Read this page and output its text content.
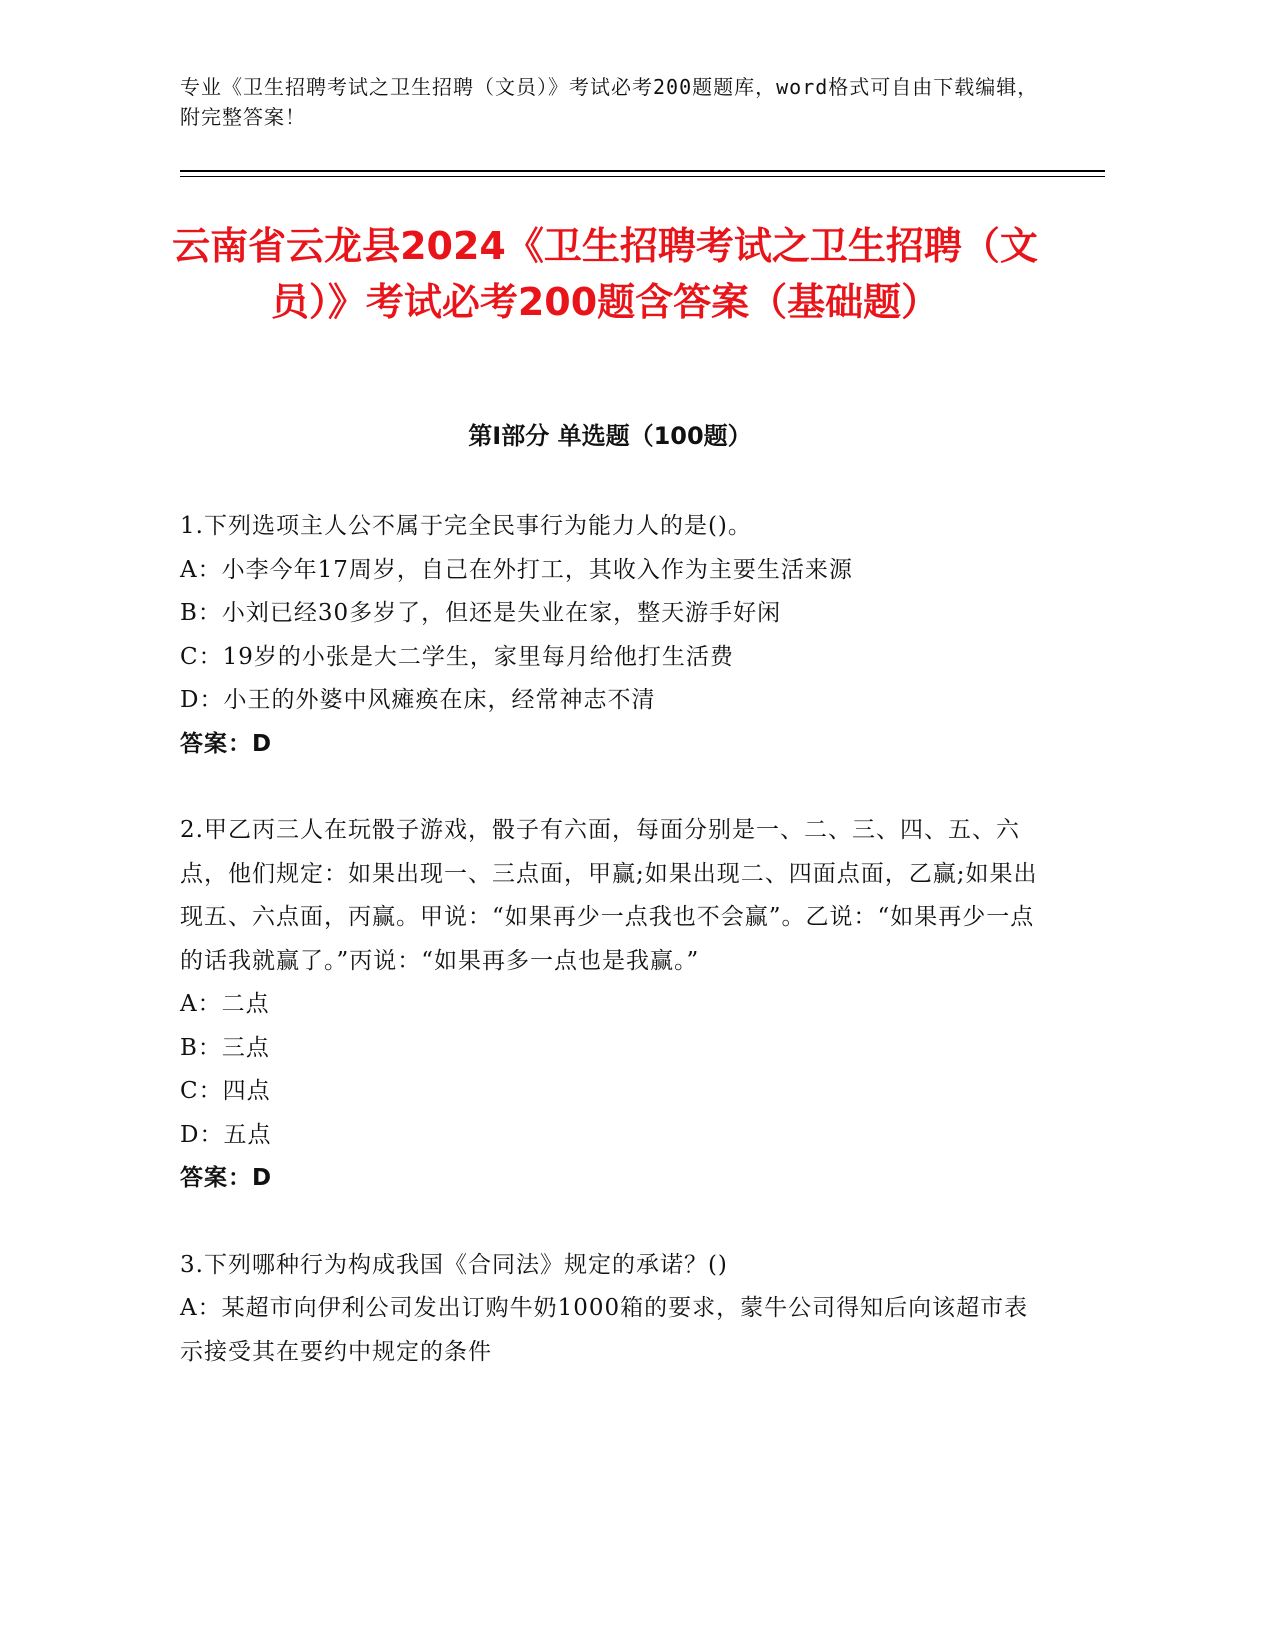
专业《卫生招聘考试之卫生招聘（文员）》考试必考200题题库，word格式可自由下载编辑，附完整答案！
云南省云龙县2024《卫生招聘考试之卫生招聘（文员）》考试必考200题含答案（基础题）
第Ⅰ部分 单选题（100题）
1.下列选项主人公不属于完全民事行为能力人的是()。
A：小李今年17周岁，自己在外打工，其收入作为主要生活来源
B：小刘已经30多岁了，但还是失业在家，整天游手好闲
C：19岁的小张是大二学生，家里每月给他打生活费
D：小王的外婆中风瘫痪在床，经常神志不清
答案：D
2.甲乙丙三人在玩骰子游戏，骰子有六面，每面分别是一、二、三、四、五、六点，他们规定：如果出现一、三点面，甲赢;如果出现二、四面点面，乙赢;如果出现五、六点面，丙赢。甲说：“如果再少一点我也不会赢”。乙说：“如果再少一点的话我就赢了。”丙说：“如果再多一点也是我赢。”
A：二点
B：三点
C：四点
D：五点
答案：D
3.下列哪种行为构成我国《合同法》规定的承诺？()
A：某超市向伊利公司发出订购牛奶1000箱的要求，蒙牛公司得知后向该超市表示接受其在要约中规定的条件
